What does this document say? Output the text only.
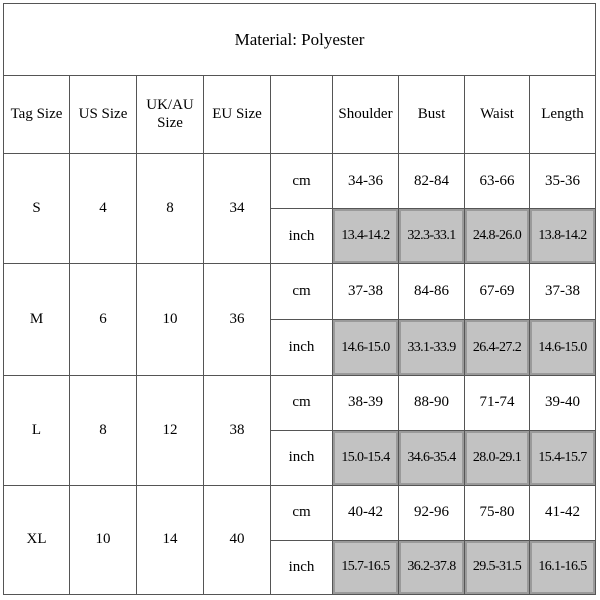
Material: Polyester								
Tag Size	US Size	UK/AU
Size	EU Size		Shoulder	Bust	Waist	Length
S	4	8	34	cm	34-36	82-84	63-66	35-36
				inch	13.4-14.2	32.3-33.1	24.8-26.0	13.8-14.2
M	6	10	36	cm	37-38	84-86	67-69	37-38
				inch	14.6-15.0	33.1-33.9	26.4-27.2	14.6-15.0
L	8	12	38	cm	38-39	88-90	71-74	39-40
				inch	15.0-15.4	34.6-35.4	28.0-29.1	15.4-15.7
XL	10	14	40	cm	40-42	92-96	75-80	41-42
				inch	15.7-16.5	36.2-37.8	29.5-31.5	16.1-16.5
